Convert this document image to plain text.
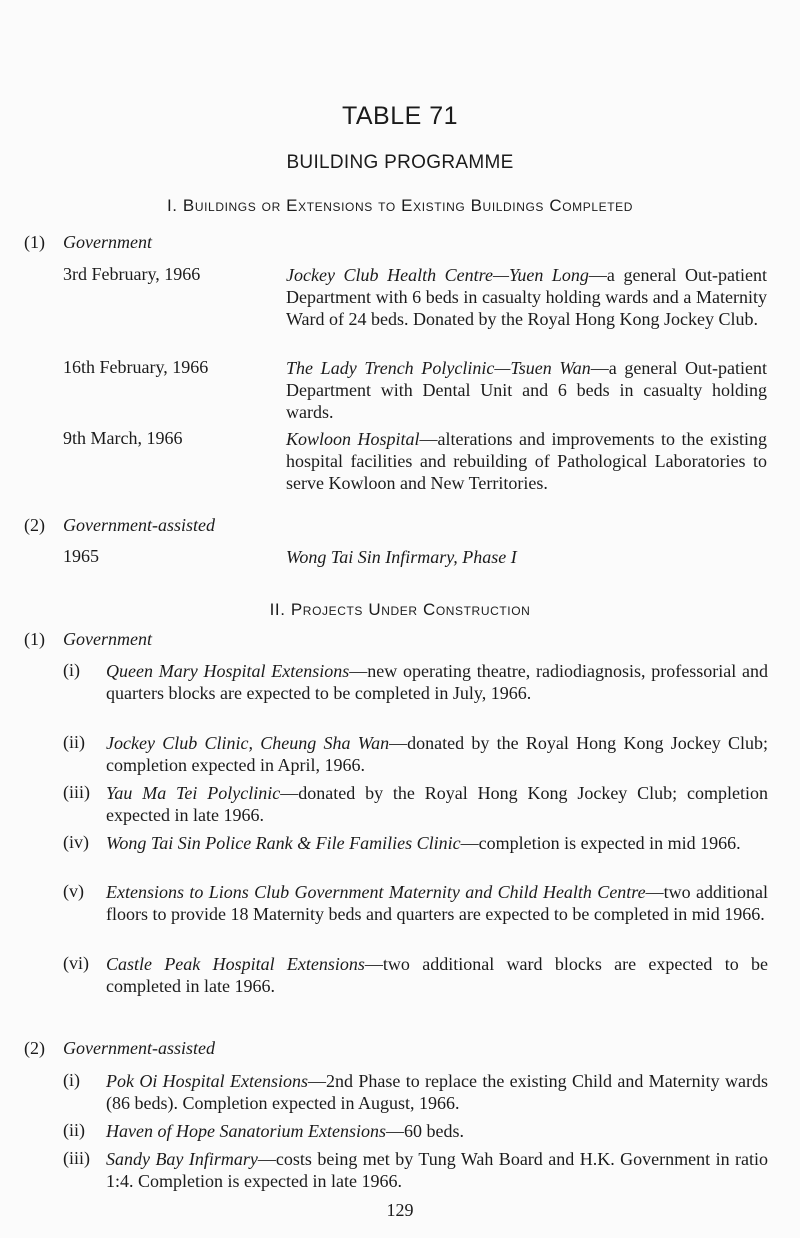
TABLE 71
BUILDING PROGRAMME
I. Buildings or Extensions to Existing Buildings Completed
(1) Government
3rd February, 1966	Jockey Club Health Centre—Yuen Long—a general Out-patient Department with 6 beds in casualty holding wards and a Maternity Ward of 24 beds. Donated by the Royal Hong Kong Jockey Club.
16th February, 1966	The Lady Trench Polyclinic—Tsuen Wan—a general Out-patient Department with Dental Unit and 6 beds in casualty holding wards.
9th March, 1966	Kowloon Hospital—alterations and improvements to the existing hospital facilities and rebuilding of Pathological Laboratories to serve Kowloon and New Territories.
(2) Government-assisted
1965	Wong Tai Sin Infirmary, Phase I
II. Projects Under Construction
(1) Government
(i) Queen Mary Hospital Extensions—new operating theatre, radiodiagnosis, professorial and quarters blocks are expected to be completed in July, 1966.
(ii) Jockey Club Clinic, Cheung Sha Wan—donated by the Royal Hong Kong Jockey Club; completion expected in April, 1966.
(iii) Yau Ma Tei Polyclinic—donated by the Royal Hong Kong Jockey Club; completion expected in late 1966.
(iv) Wong Tai Sin Police Rank & File Families Clinic—completion is expected in mid 1966.
(v) Extensions to Lions Club Government Maternity and Child Health Centre—two additional floors to provide 18 Maternity beds and quarters are expected to be completed in mid 1966.
(vi) Castle Peak Hospital Extensions—two additional ward blocks are expected to be completed in late 1966.
(2) Government-assisted
(i) Pok Oi Hospital Extensions—2nd Phase to replace the existing Child and Maternity wards (86 beds). Completion expected in August, 1966.
(ii) Haven of Hope Sanatorium Extensions—60 beds.
(iii) Sandy Bay Infirmary—costs being met by Tung Wah Board and H.K. Government in ratio 1:4. Completion is expected in late 1966.
129
